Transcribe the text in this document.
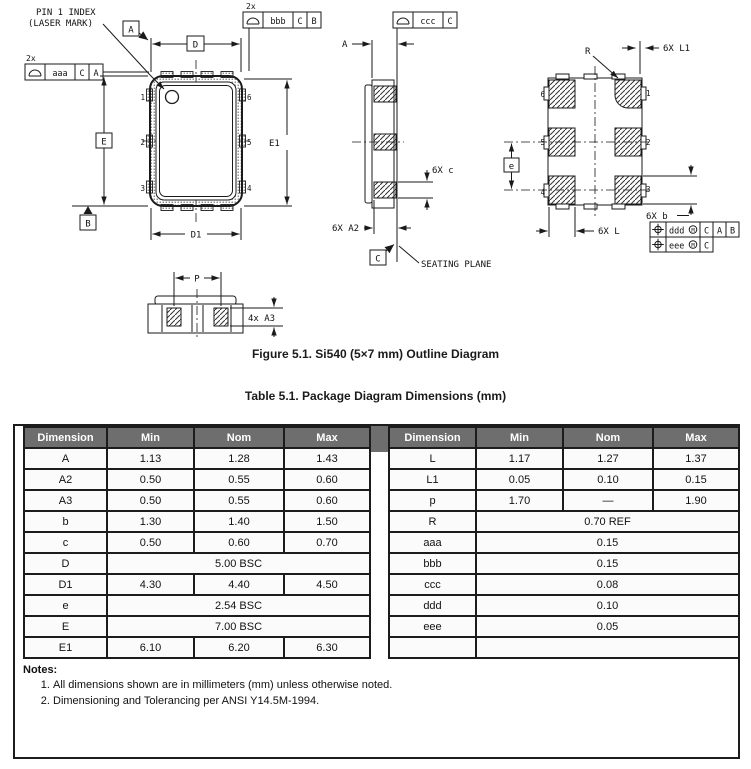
1
2
3
6
5
4
PIN 1 INDEX
(LASER MARK)
D
A
2x
aaa C A
E
B
E1
D1
2x
bbb C B	ccc C
A
6X c
6X A2
C
SEATING PLANE
6
5
4
1
2
3
R	6X L1
e
6X b
6X L	ddd M C A B
eee M C
P
4x A3
Figure 5.1. Si540 (5×7 mm) Outline Diagram
Table 5.1. Package Diagram Dimensions (mm)
Dimension	Min	Nom	Max
A	1.13	1.28	1.43
A2	0.50	0.55	0.60
A3	0.50	0.55	0.60
b	1.30	1.40	1.50
c	0.50	0.60	0.70
D	5.00 BSC		
D1	4.30	4.40	4.50
e	2.54 BSC		
E	7.00 BSC		
E1	6.10	6.20	6.30
Dimension	Min	Nom	Max
L	1.17	1.27	1.37
L1	0.05	0.10	0.15
p	1.70	—	1.90
R	0.70 REF		
aaa	0.15		
bbb	0.15		
ccc	0.08		
ddd	0.10		
eee	0.05		

Notes:
1. All dimensions shown are in millimeters (mm) unless otherwise noted.
2. Dimensioning and Tolerancing per ANSI Y14.5M-1994.
